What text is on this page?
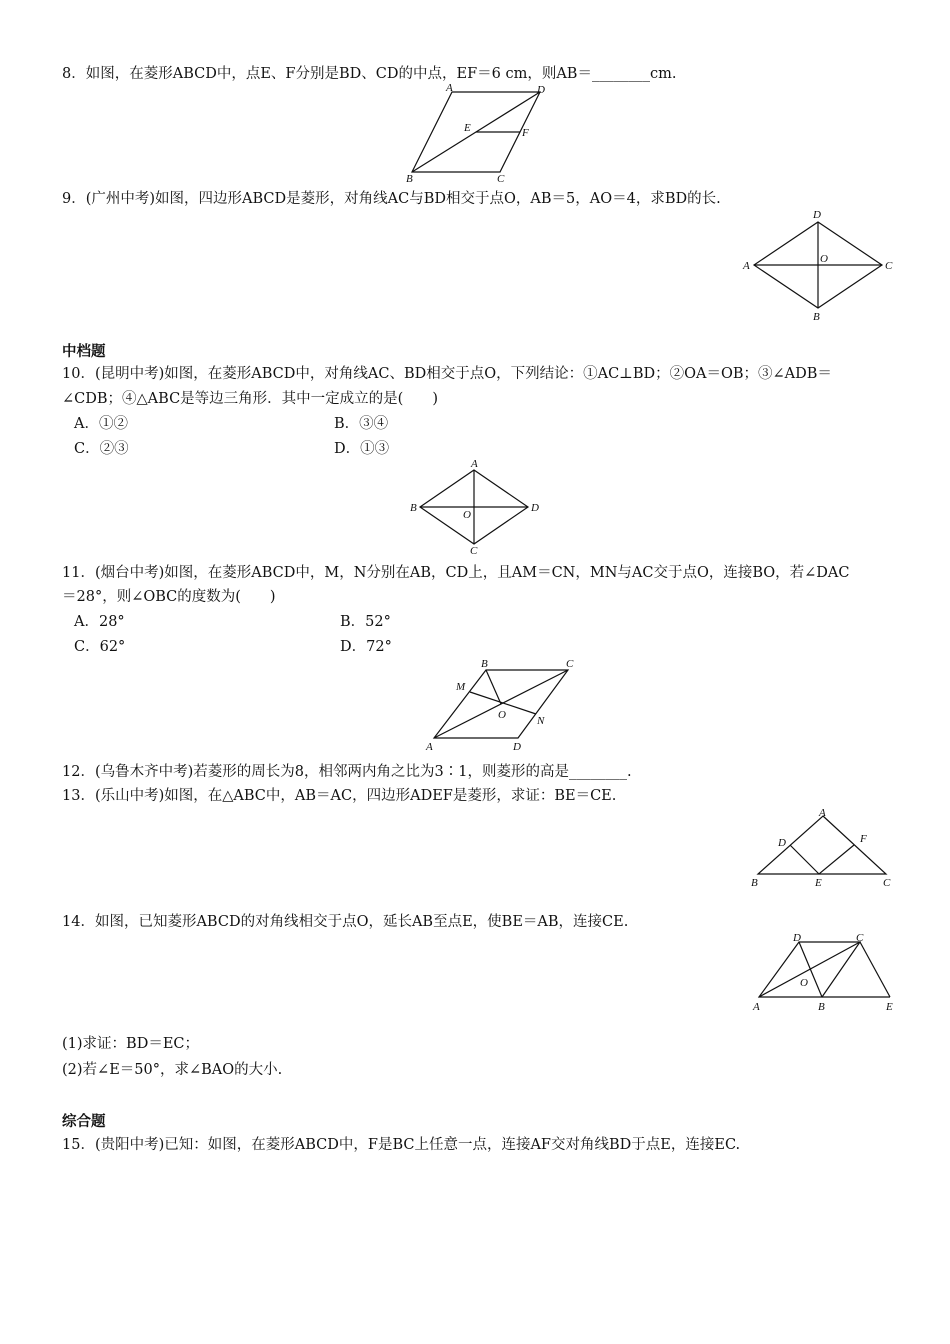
8．如图，在菱形ABCD中，点E、F分别是BD、CD的中点，EF＝6 cm，则AB＝________cm.
A	D
E	F
B	C
9．(广州中考)如图，四边形ABCD是菱形，对角线AC与BD相交于点O，AB＝5，AO＝4，求BD的长.
D
A
O
C
B
中档题
10．(昆明中考)如图，在菱形ABCD中，对角线AC、BD相交于点O，下列结论：①AC⊥BD；②OA＝OB；③∠ADB＝
∠CDB；④△ABC是等边三角形．其中一定成立的是(　　)
A．①②	B．③④
C．②③	D．①③
A
B
O
D
C
11．(烟台中考)如图，在菱形ABCD中，M，N分别在AB，CD上，且AM＝CN，MN与AC交于点O，连接BO，若∠DAC
＝28°，则∠OBC的度数为(　　)
A．28°	B．52°
C．62°	D．72°
B	C
M
O	N
A	D
12．(乌鲁木齐中考)若菱形的周长为8，相邻两内角之比为3∶1，则菱形的高是________.
13．(乐山中考)如图，在△ABC中，AB＝AC，四边形ADEF是菱形，求证：BE＝CE.
A
D	F
B	E	C
14．如图，已知菱形ABCD的对角线相交于点O，延长AB至点E，使BE＝AB，连接CE.
D	C
O
A	B	E
(1)求证：BD＝EC；
(2)若∠E＝50°，求∠BAO的大小.
综合题
15．(贵阳中考)已知：如图，在菱形ABCD中，F是BC上任意一点，连接AF交对角线BD于点E，连接EC.
